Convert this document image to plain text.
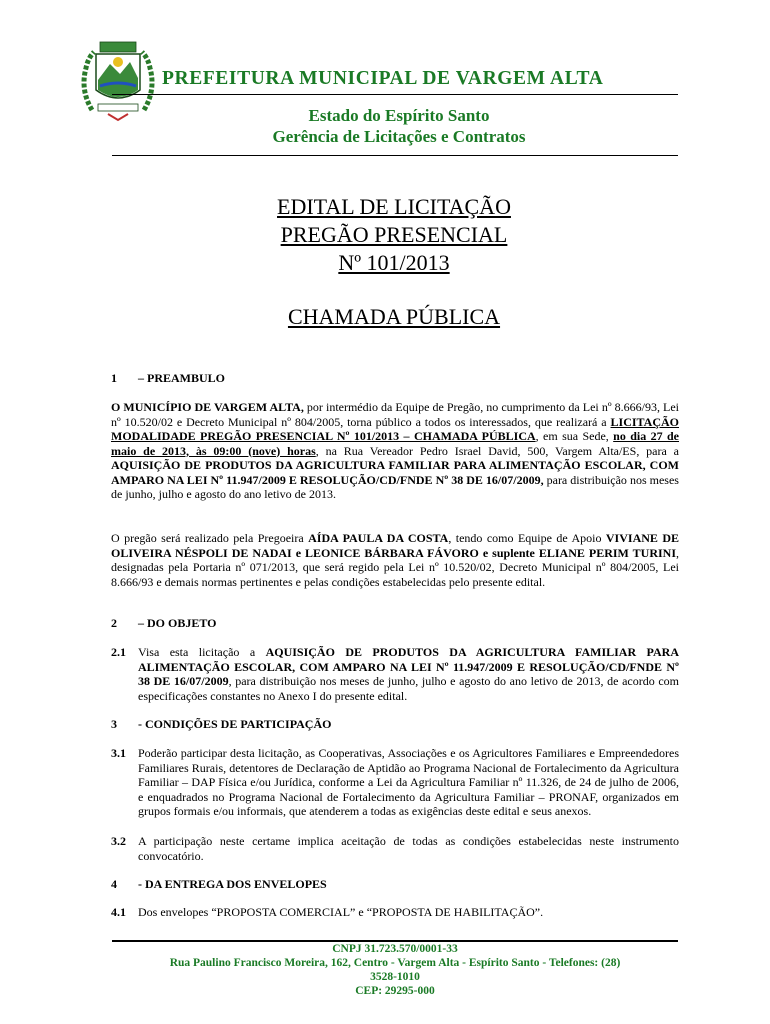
PREFEITURA MUNICIPAL DE VARGEM ALTA
Estado do Espírito Santo
Gerência de Licitações e Contratos
EDITAL DE LICITAÇÃO
PREGÃO PRESENCIAL
Nº 101/2013
CHAMADA PÚBLICA
1 – PREAMBULO
O MUNICÍPIO DE VARGEM ALTA, por intermédio da Equipe de Pregão, no cumprimento da Lei nº 8.666/93, Lei nº 10.520/02 e Decreto Municipal nº 804/2005, torna público a todos os interessados, que realizará a LICITAÇÃO MODALIDADE PREGÃO PRESENCIAL Nº 101/2013 – CHAMADA PÚBLICA, em sua Sede, no dia 27 de maio de 2013, às 09:00 (nove) horas, na Rua Vereador Pedro Israel David, 500, Vargem Alta/ES, para a AQUISIÇÃO DE PRODUTOS DA AGRICULTURA FAMILIAR PARA ALIMENTAÇÃO ESCOLAR, COM AMPARO NA LEI Nº 11.947/2009 E RESOLUÇÃO/CD/FNDE Nº 38 DE 16/07/2009, para distribuição nos meses de junho, julho e agosto do ano letivo de 2013.
O pregão será realizado pela Pregoeira AÍDA PAULA DA COSTA, tendo como Equipe de Apoio VIVIANE DE OLIVEIRA NÉSPOLI DE NADAI e LEONICE BÁRBARA FÁVORO e suplente ELIANE PERIM TURINI, designadas pela Portaria nº 071/2013, que será regido pela Lei nº 10.520/02, Decreto Municipal nº 804/2005, Lei 8.666/93 e demais normas pertinentes e pelas condições estabelecidas pelo presente edital.
2 – DO OBJETO
2.1 Visa esta licitação a AQUISIÇÃO DE PRODUTOS DA AGRICULTURA FAMILIAR PARA ALIMENTAÇÃO ESCOLAR, COM AMPARO NA LEI Nº 11.947/2009 E RESOLUÇÃO/CD/FNDE Nº 38 DE 16/07/2009, para distribuição nos meses de junho, julho e agosto do ano letivo de 2013, de acordo com especificações constantes no Anexo I do presente edital.
3 - CONDIÇÕES DE PARTICIPAÇÃO
3.1 Poderão participar desta licitação, as Cooperativas, Associações e os Agricultores Familiares e Empreendedores Familiares Rurais, detentores de Declaração de Aptidão ao Programa Nacional de Fortalecimento da Agricultura Familiar – DAP Física e/ou Jurídica, conforme a Lei da Agricultura Familiar nº 11.326, de 24 de julho de 2006, e enquadrados no Programa Nacional de Fortalecimento da Agricultura Familiar – PRONAF, organizados em grupos formais e/ou informais, que atenderem a todas as exigências deste edital e seus anexos.
3.2 A participação neste certame implica aceitação de todas as condições estabelecidas neste instrumento convocatório.
4 - DA ENTREGA DOS ENVELOPES
4.1 Dos envelopes “PROPOSTA COMERCIAL” e “PROPOSTA DE HABILITAÇÃO”.
CNPJ 31.723.570/0001-33
Rua Paulino Francisco Moreira, 162, Centro - Vargem Alta - Espírito Santo - Telefones: (28)
3528-1010
CEP: 29295-000
